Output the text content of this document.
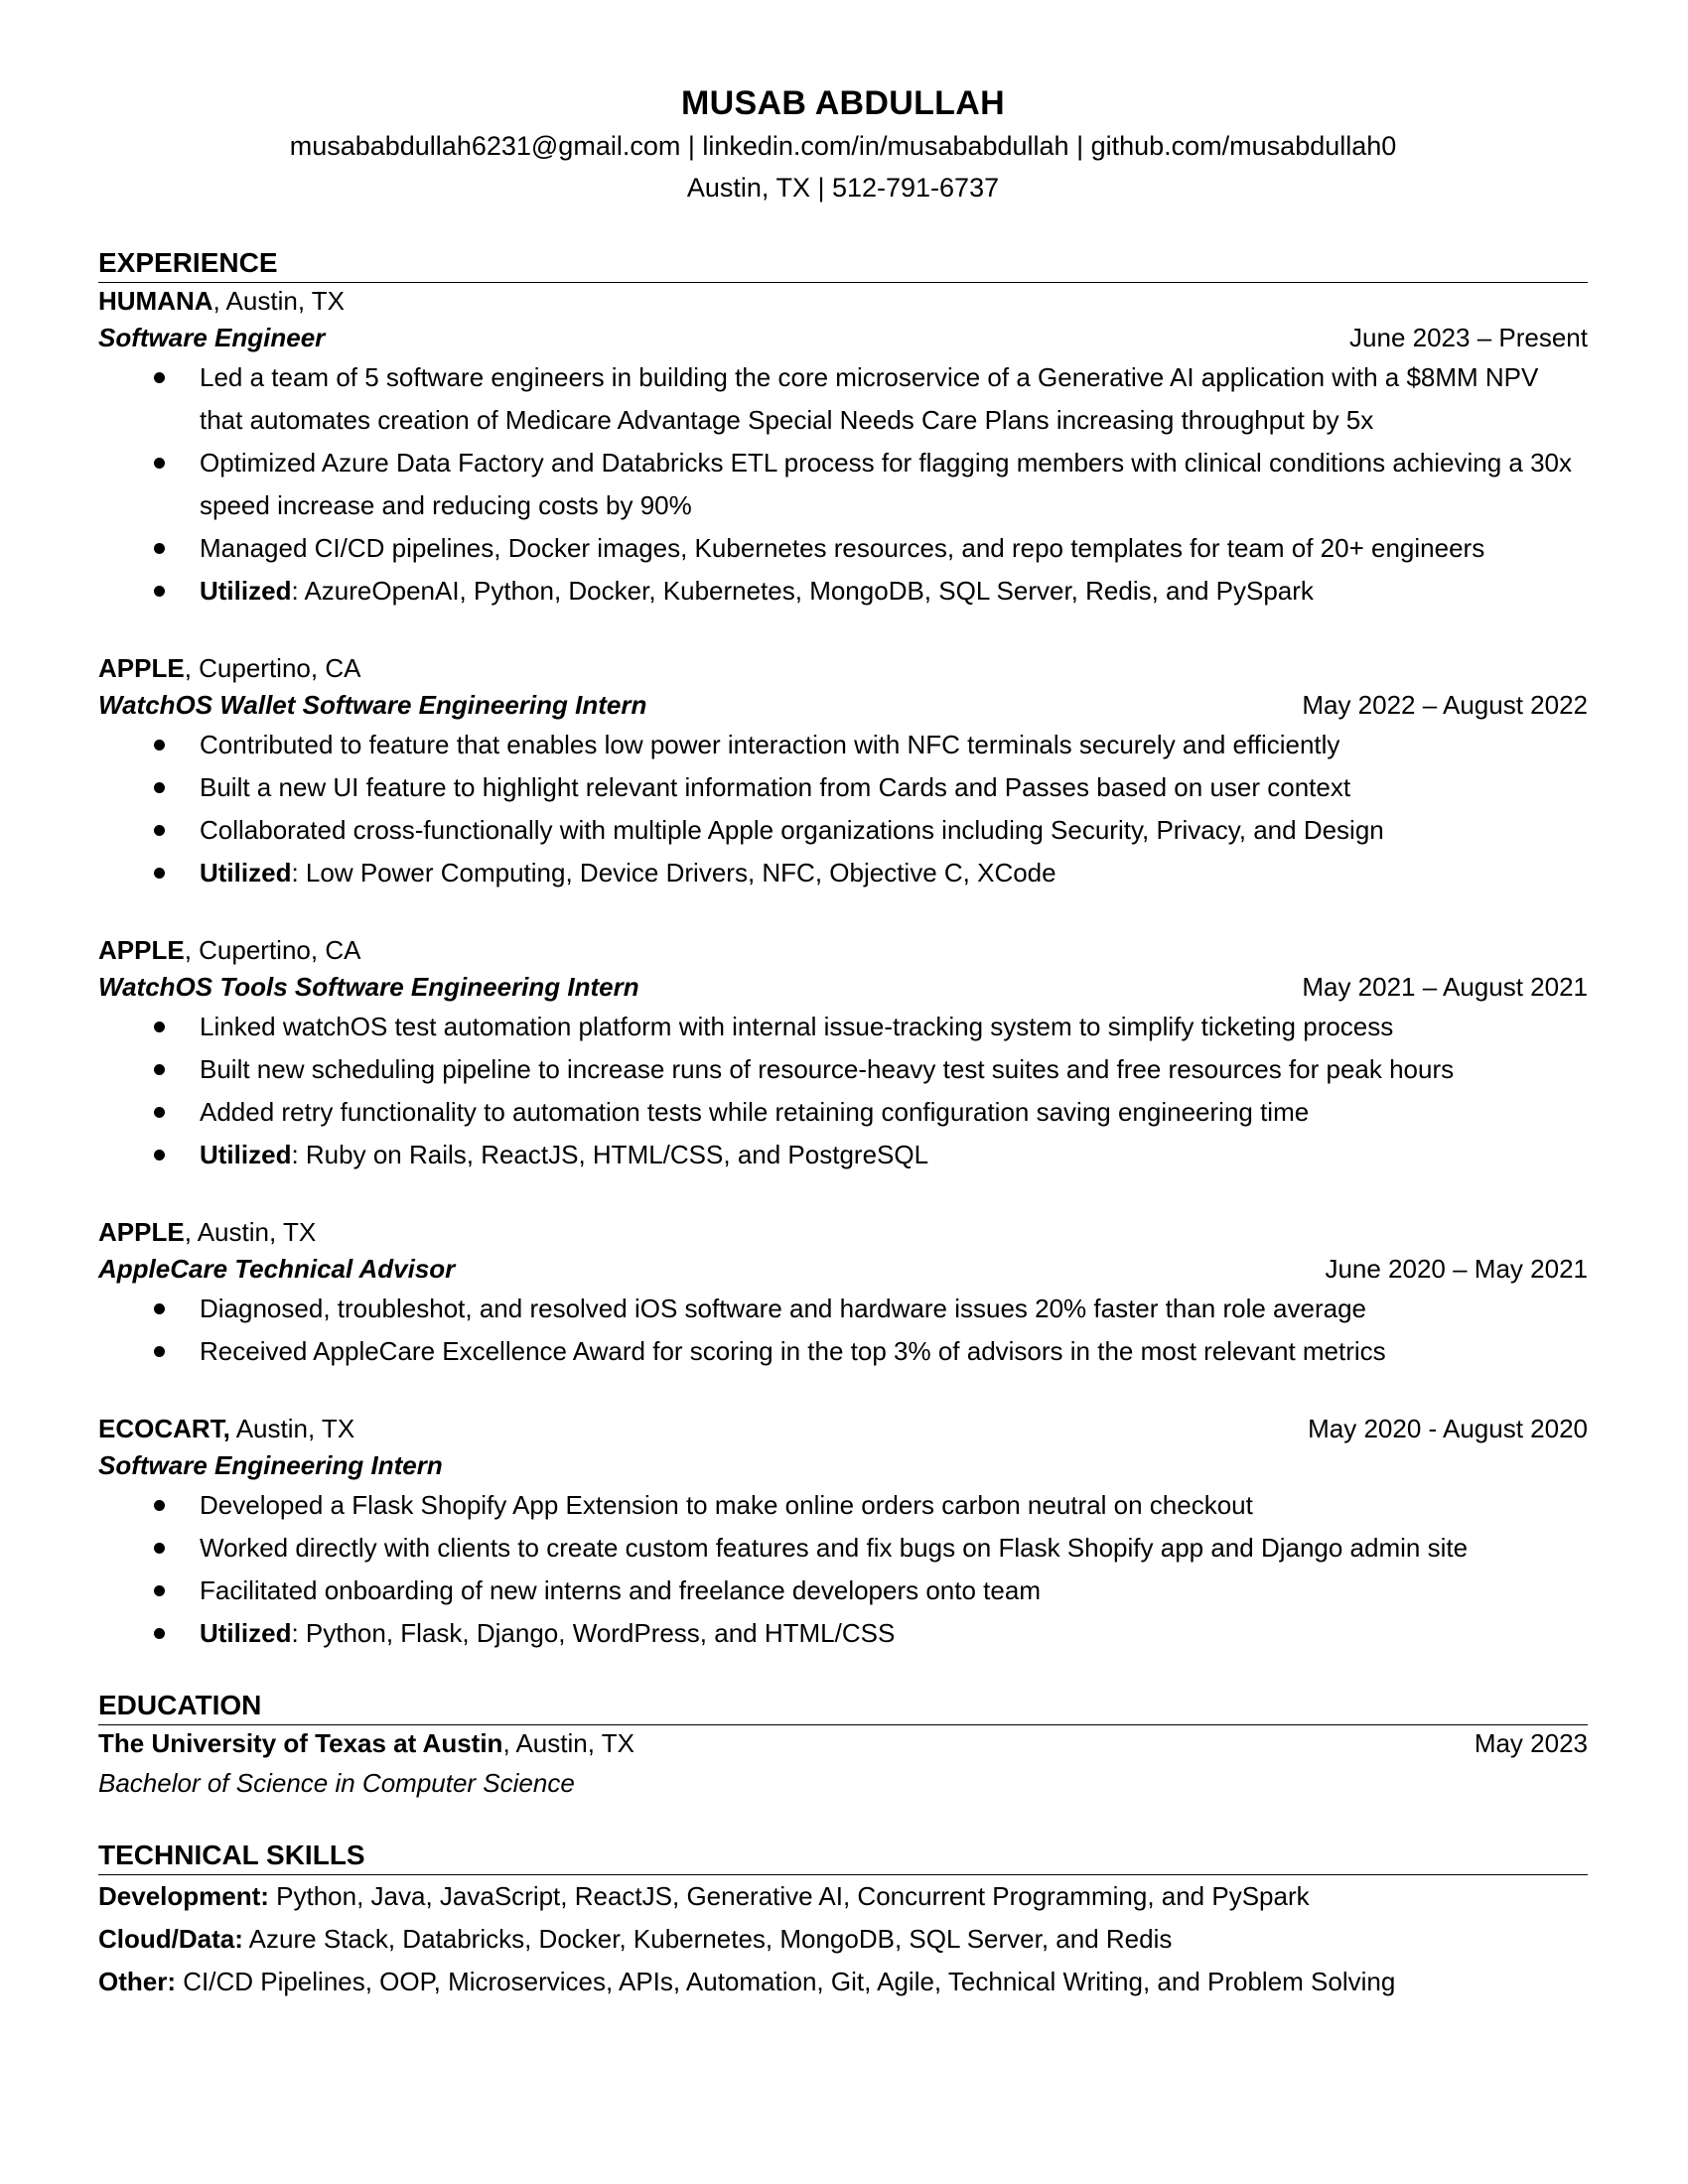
MUSAB ABDULLAH

musababdullah6231@gmail.com | linkedin.com/in/musababdullah | github.com/musabdullah0

Austin, TX | 512-791-6737

EXPERIENCE
HUMANA, Austin, TX
Software Engineer	June 2023 – Present
Led a team of 5 software engineers in building the core microservice of a Generative AI application with a $8MM NPV that automates creation of Medicare Advantage Special Needs Care Plans increasing throughput by 5x
Optimized Azure Data Factory and Databricks ETL process for flagging members with clinical conditions achieving a 30x speed increase and reducing costs by 90%
Managed CI/CD pipelines, Docker images, Kubernetes resources, and repo templates for team of 20+ engineers
Utilized: AzureOpenAI, Python, Docker, Kubernetes, MongoDB, SQL Server, Redis, and PySpark
APPLE, Cupertino, CA
WatchOS Wallet Software Engineering Intern	May 2022 – August 2022
Contributed to feature that enables low power interaction with NFC terminals securely and efficiently
Built a new UI feature to highlight relevant information from Cards and Passes based on user context
Collaborated cross-functionally with multiple Apple organizations including Security, Privacy, and Design
Utilized: Low Power Computing, Device Drivers, NFC, Objective C, XCode
APPLE, Cupertino, CA
WatchOS Tools Software Engineering Intern	May 2021 – August 2021
Linked watchOS test automation platform with internal issue-tracking system to simplify ticketing process
Built new scheduling pipeline to increase runs of resource-heavy test suites and free resources for peak hours
Added retry functionality to automation tests while retaining configuration saving engineering time
Utilized: Ruby on Rails, ReactJS, HTML/CSS, and PostgreSQL
APPLE, Austin, TX
AppleCare Technical Advisor	June 2020 – May 2021
Diagnosed, troubleshot, and resolved iOS software and hardware issues 20% faster than role average
Received AppleCare Excellence Award for scoring in the top 3% of advisors in the most relevant metrics
ECOCART, Austin, TX	May 2020 - August 2020
Software Engineering Intern
Developed a Flask Shopify App Extension to make online orders carbon neutral on checkout
Worked directly with clients to create custom features and fix bugs on Flask Shopify app and Django admin site
Facilitated onboarding of new interns and freelance developers onto team
Utilized: Python, Flask, Django, WordPress, and HTML/CSS
EDUCATION
The University of Texas at Austin, Austin, TX	May 2023
Bachelor of Science in Computer Science
TECHNICAL SKILLS
Development: Python, Java, JavaScript, ReactJS, Generative AI, Concurrent Programming, and PySpark
Cloud/Data: Azure Stack, Databricks, Docker, Kubernetes, MongoDB, SQL Server, and Redis
Other: CI/CD Pipelines, OOP, Microservices, APIs, Automation, Git, Agile, Technical Writing, and Problem Solving
